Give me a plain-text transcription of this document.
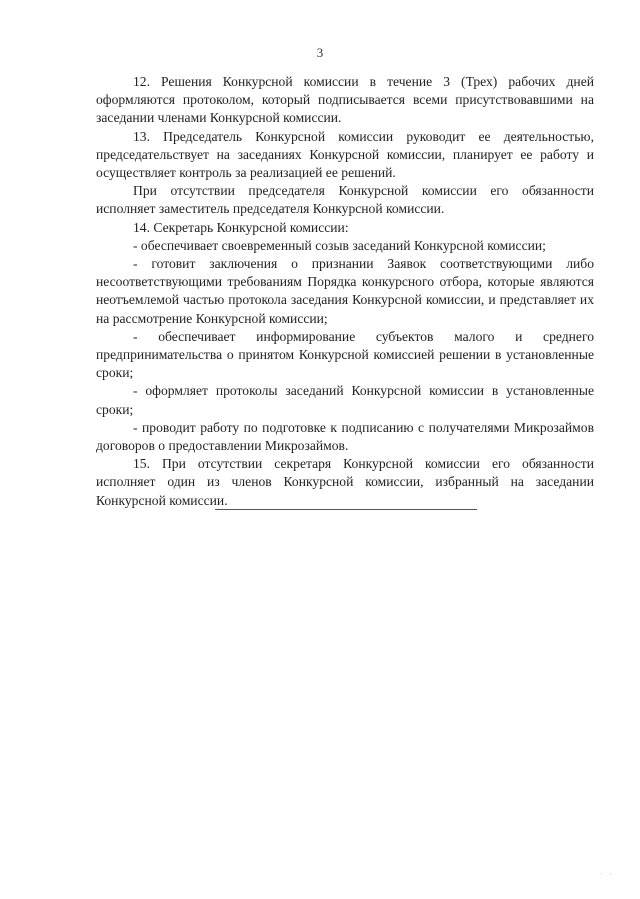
3

12. Решения Конкурсной комиссии в течение 3 (Трех) рабочих дней оформляются протоколом, который подписывается всеми присутствовавшими на заседании членами Конкурсной комиссии.

13. Председатель Конкурсной комиссии руководит ее деятельностью, председательствует на заседаниях Конкурсной комиссии, планирует ее работу и осуществляет контроль за реализацией ее решений.

При отсутствии председателя Конкурсной комиссии его обязанности исполняет заместитель председателя Конкурсной комиссии.

14. Секретарь Конкурсной комиссии:

- обеспечивает своевременный созыв заседаний Конкурсной комиссии;

- готовит заключения о признании Заявок соответствующими либо несоответствующими требованиям Порядка конкурсного отбора, которые являются неотъемлемой частью протокола заседания Конкурсной комиссии, и представляет их на рассмотрение Конкурсной комиссии;

- обеспечивает информирование субъектов малого и среднего предпринимательства о принятом Конкурсной комиссией решении в установленные сроки;

- оформляет протоколы заседаний Конкурсной комиссии в установленные сроки;

- проводит работу по подготовке к подписанию с получателями Микрозаймов договоров о предоставлении Микрозаймов.

15. При отсутствии секретаря Конкурсной комиссии его обязанности исполняет один из членов Конкурсной комиссии, избранный на заседании Конкурсной комиссии.

· ·
